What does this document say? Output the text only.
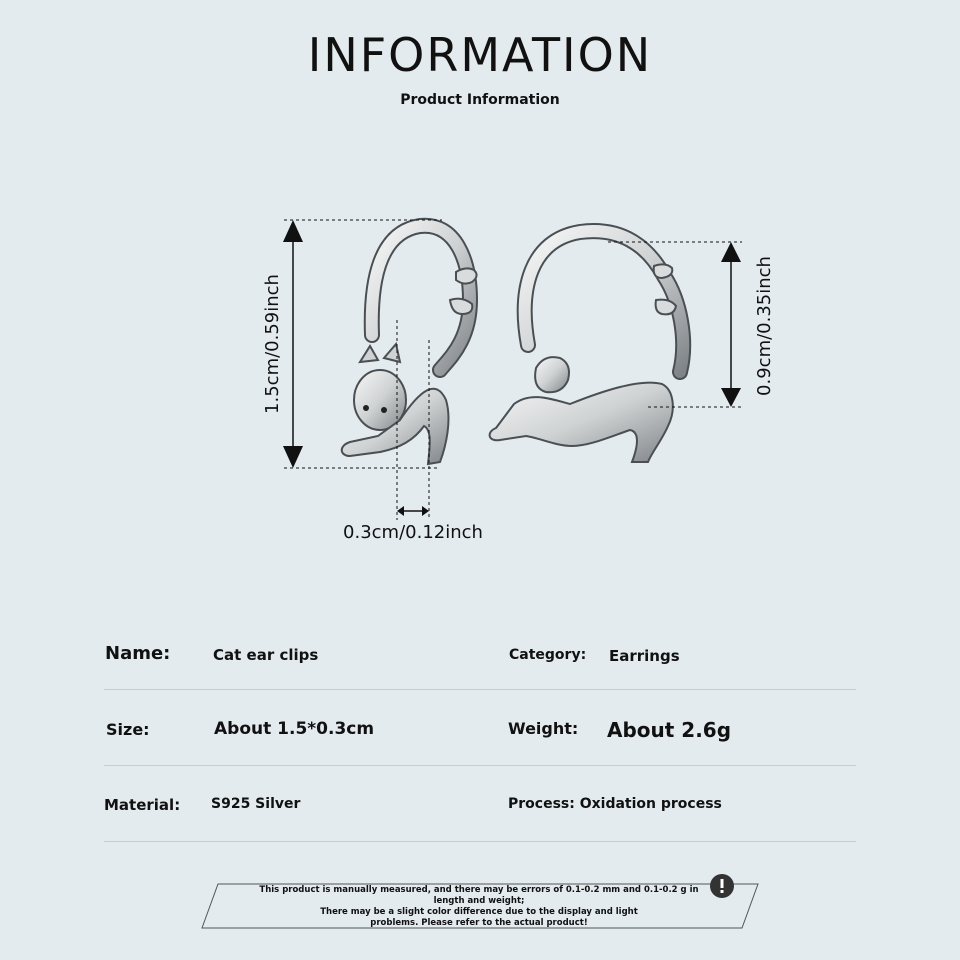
INFORMATION
Product Information
1.5cm/0.59inch
0.3cm/0.12inch
0.9cm/0.35inch
Name:	Cat ear clips	Category: Earrings
Size:	About 1.5*0.3cm	Weight: About 2.6g
Material: S925 Silver	Process: Oxidation process
This product is manually measured, and there may be errors of 0.1-0.2 mm and 0.1-0.2 g in
length and weight;
There may be a slight color difference due to the display and light
problems. Please refer to the actual product!
